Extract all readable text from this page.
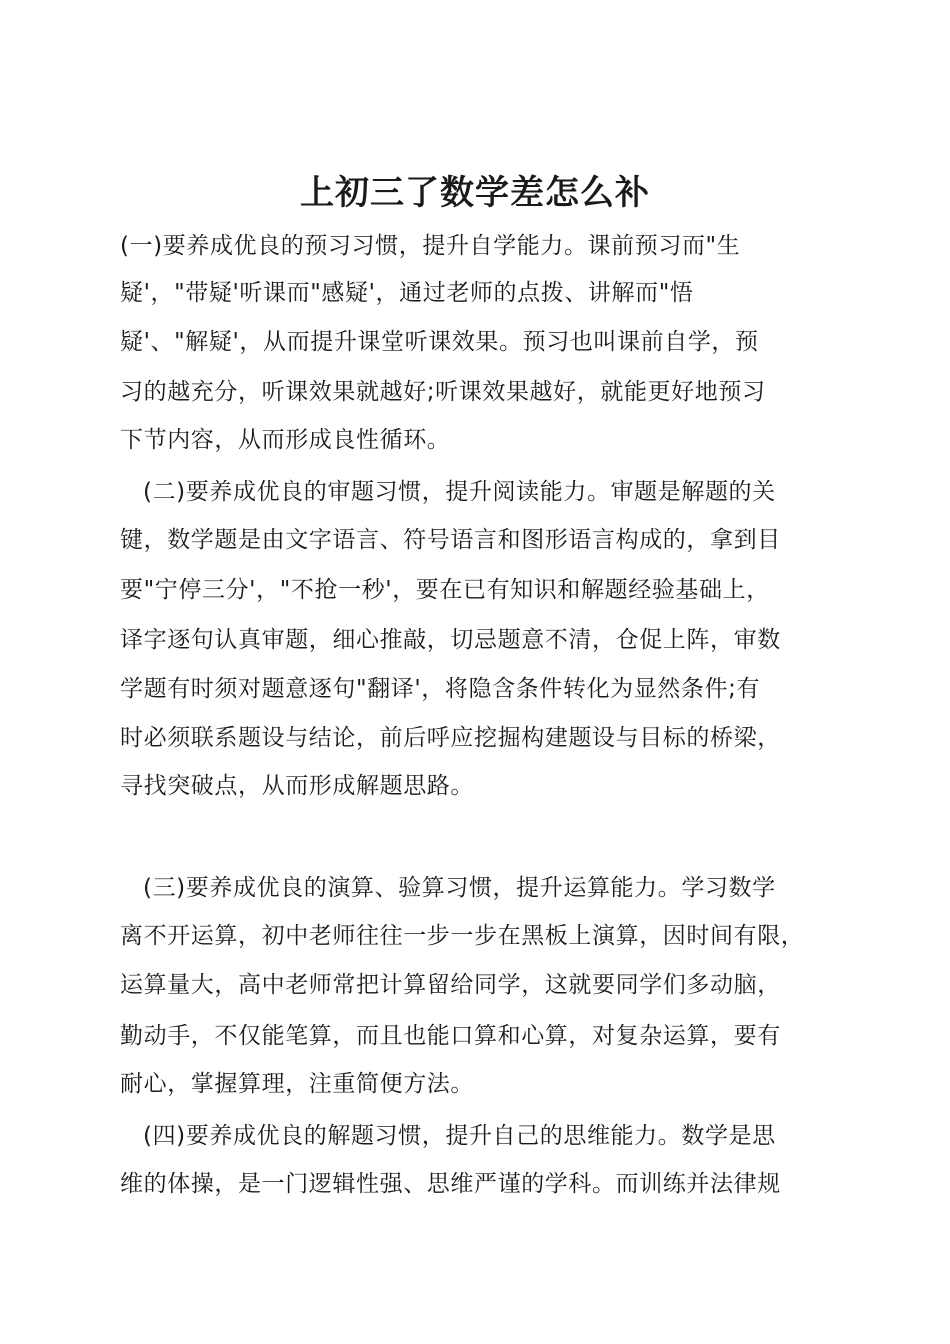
上初三了数学差怎么补
(一)要养成优良的预习习惯，提升自学能力。课前预习而"生
疑'，"带疑'听课而"感疑'，通过老师的点拨、讲解而"悟
疑'、"解疑'，从而提升课堂听课效果。预习也叫课前自学，预
习的越充分，听课效果就越好;听课效果越好，就能更好地预习
下节内容，从而形成良性循环。
(二)要养成优良的审题习惯，提升阅读能力。审题是解题的关
键，数学题是由文字语言、符号语言和图形语言构成的，拿到目
要"宁停三分'，"不抢一秒'，要在已有知识和解题经验基础上，
译字逐句认真审题，细心推敲，切忌题意不清，仓促上阵，审数
学题有时须对题意逐句"翻译'，将隐含条件转化为显然条件;有
时必须联系题设与结论，前后呼应挖掘构建题设与目标的桥梁，
寻找突破点，从而形成解题思路。
(三)要养成优良的演算、验算习惯，提升运算能力。学习数学
离不开运算，初中老师往往一步一步在黑板上演算，因时间有限，
运算量大，高中老师常把计算留给同学，这就要同学们多动脑，
勤动手，不仅能笔算，而且也能口算和心算，对复杂运算，要有
耐心，掌握算理，注重简便方法。
(四)要养成优良的解题习惯，提升自己的思维能力。数学是思
维的体操，是一门逻辑性强、思维严谨的学科。而训练并法律规
